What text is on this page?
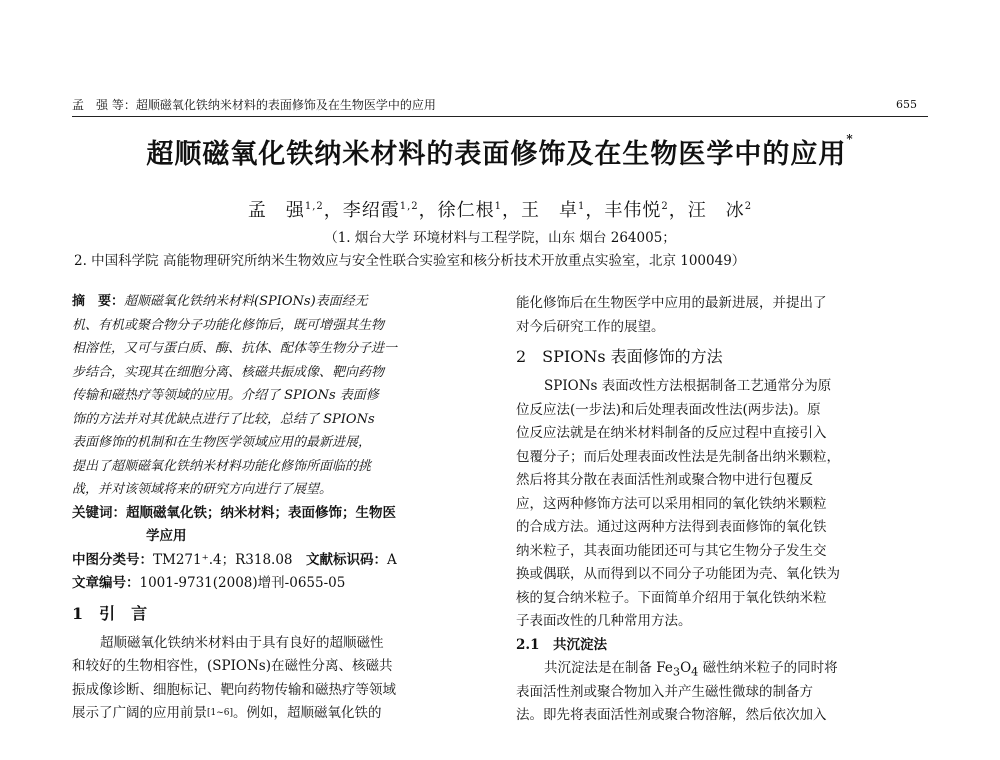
孟　强 等：超顺磁氧化铁纳米材料的表面修饰及在生物医学中的应用	655
超顺磁氧化铁纳米材料的表面修饰及在生物医学中的应用*
孟　强$^{1,2}$，李绍霞$^{1,2}$，徐仁根$^1$，王　卓$^1$，丰伟悦$^2$，汪　冰$^2$
（1. 烟台大学 环境材料与工程学院，山东 烟台 264005；
2. 中国科学院 高能物理研究所纳米生物效应与安全性联合实验室和核分析技术开放重点实验室，北京 100049）
摘　要：超顺磁氧化铁纳米材料(SPIONs)表面经无
机、有机或聚合物分子功能化修饰后，既可增强其生物
相溶性，又可与蛋白质、酶、抗体、配体等生物分子进一
步结合，实现其在细胞分离、核磁共振成像、靶向药物
传输和磁热疗等领域的应用。介绍了 SPIONs 表面修
饰的方法并对其优缺点进行了比较，总结了 SPIONs
表面修饰的机制和在生物医学领域应用的最新进展，
提出了超顺磁氧化铁纳米材料功能化修饰所面临的挑
战，并对该领域将来的研究方向进行了展望。
关键词：超顺磁氧化铁；纳米材料；表面修饰；生物医
学应用
中图分类号：TM271⁺.4；R318.08  文献标识码：A
文章编号：1001-9731(2008)增刊-0655-05
1　引　言
超顺磁氧化铁纳米材料由于具有良好的超顺磁性
和较好的生物相容性，(SPIONs)在磁性分离、核磁共
振成像诊断、细胞标记、靶向药物传输和磁热疗等领域
展示了广阔的应用前景[1~6]。例如，超顺磁氧化铁的
能化修饰后在生物医学中应用的最新进展，并提出了
对今后研究工作的展望。
2　SPIONs 表面修饰的方法
SPIONs 表面改性方法根据制备工艺通常分为原
位反应法(一步法)和后处理表面改性法(两步法)。原
位反应法就是在纳米材料制备的反应过程中直接引入
包覆分子；而后处理表面改性法是先制备出纳米颗粒，
然后将其分散在表面活性剂或聚合物中进行包覆反
应，这两种修饰方法可以采用相同的氧化铁纳米颗粒
的合成方法。通过这两种方法得到表面修饰的氧化铁
纳米粒子，其表面功能团还可与其它生物分子发生交
换或偶联，从而得到以不同分子功能团为壳、氧化铁为
核的复合纳米粒子。下面简单介绍用于氧化铁纳米粒
子表面改性的几种常用方法。
2.1　共沉淀法
共沉淀法是在制备 $Fe_3O_4$ 磁性纳米粒子的同时将
表面活性剂或聚合物加入并产生磁性微球的制备方
法。即先将表面活性剂或聚合物溶解，然后依次加入
